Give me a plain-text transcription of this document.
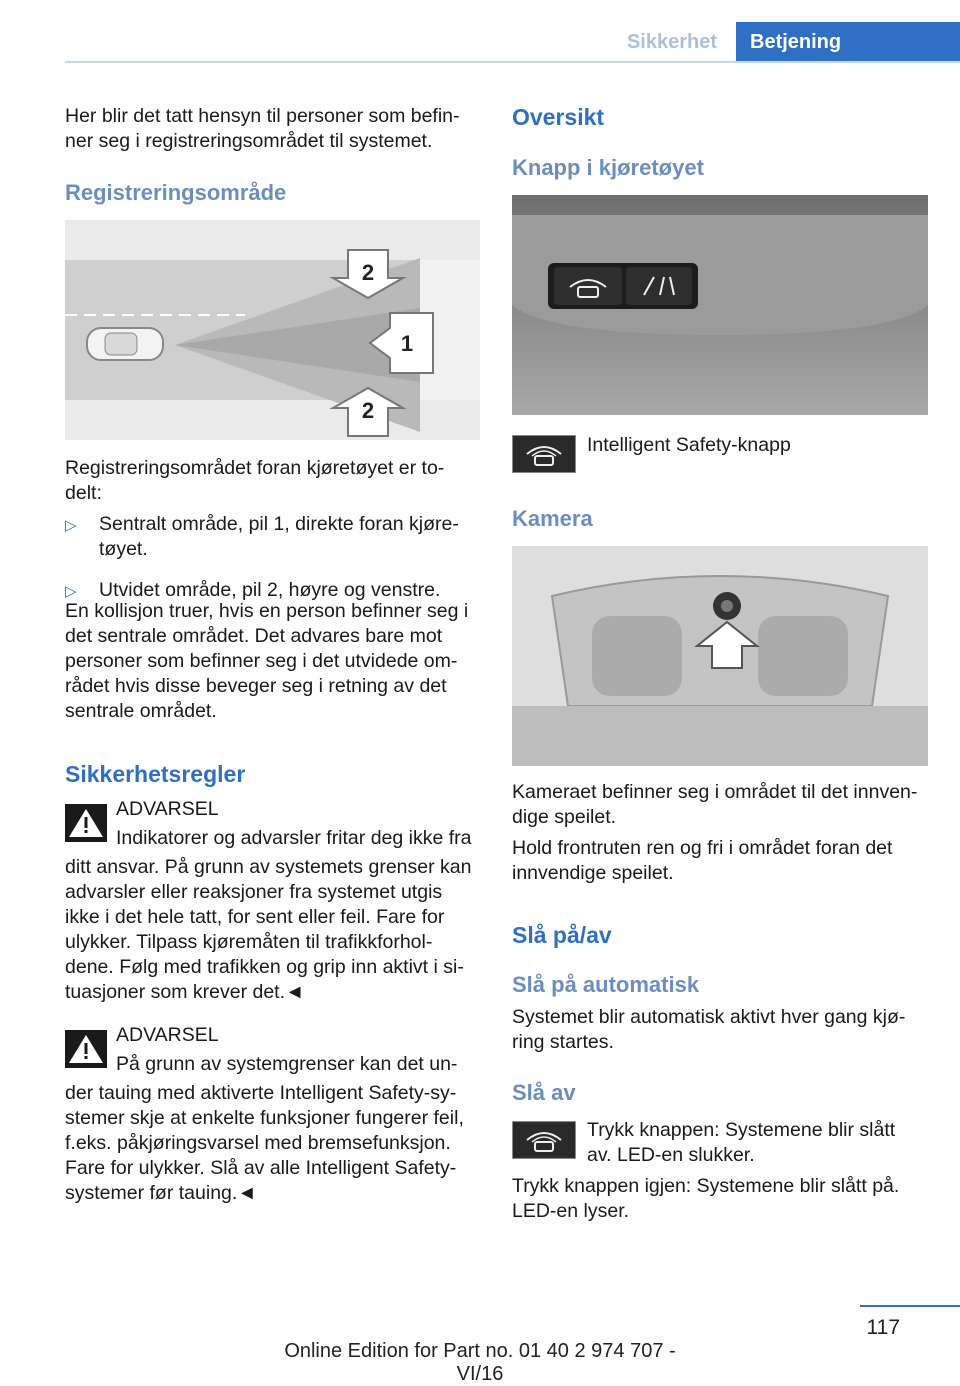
Sikkerhet	Betjening

Her blir det tatt hensyn til personer som befin-

ner seg i registreringsområdet til systemet.

Registreringsområde
2
1
2

Registreringsområdet foran kjøretøyet er to-

delt:

▷	Sentralt område, pil 1, direkte foran kjøre-

tøyet.

▷	Utvidet område, pil 2, høyre og venstre.

En kollisjon truer, hvis en person befinner seg i

det sentrale området. Det advares bare mot

personer som befinner seg i det utvidede om-

rådet hvis disse beveger seg i retning av det

sentrale området.

Sikkerhetsregler

ADVARSEL

Indikatorer og advarsler fritar deg ikke fra

ditt ansvar. På grunn av systemets grenser kan

advarsler eller reaksjoner fra systemet utgis

ikke i det hele tatt, for sent eller feil. Fare for

ulykker. Tilpass kjøremåten til trafikkforhol-

dene. Følg med trafikken og grip inn aktivt i si-

tuasjoner som krever det.◄

ADVARSEL

På grunn av systemgrenser kan det un-

der tauing med aktiverte Intelligent Safety-sy-

stemer skje at enkelte funksjoner fungerer feil,

f.eks. påkjøringsvarsel med bremsefunksjon.

Fare for ulykker. Slå av alle Intelligent Safety-

systemer før tauing.◄

Oversikt
Knapp i kjøretøyet
Intelligent Safety-knapp
Kamera

Kameraet befinner seg i området til det innven-

dige speilet.

Hold frontruten ren og fri i området foran det

innvendige speilet.

Slå på/av
Slå på automatisk

Systemet blir automatisk aktivt hver gang kjø-

ring startes.

Slå av

Trykk knappen: Systemene blir slått

av. LED-en slukker.

Trykk knappen igjen: Systemene blir slått på.

LED-en lyser.

117
Online Edition for Part no. 01 40 2 974 707 - VI/16
